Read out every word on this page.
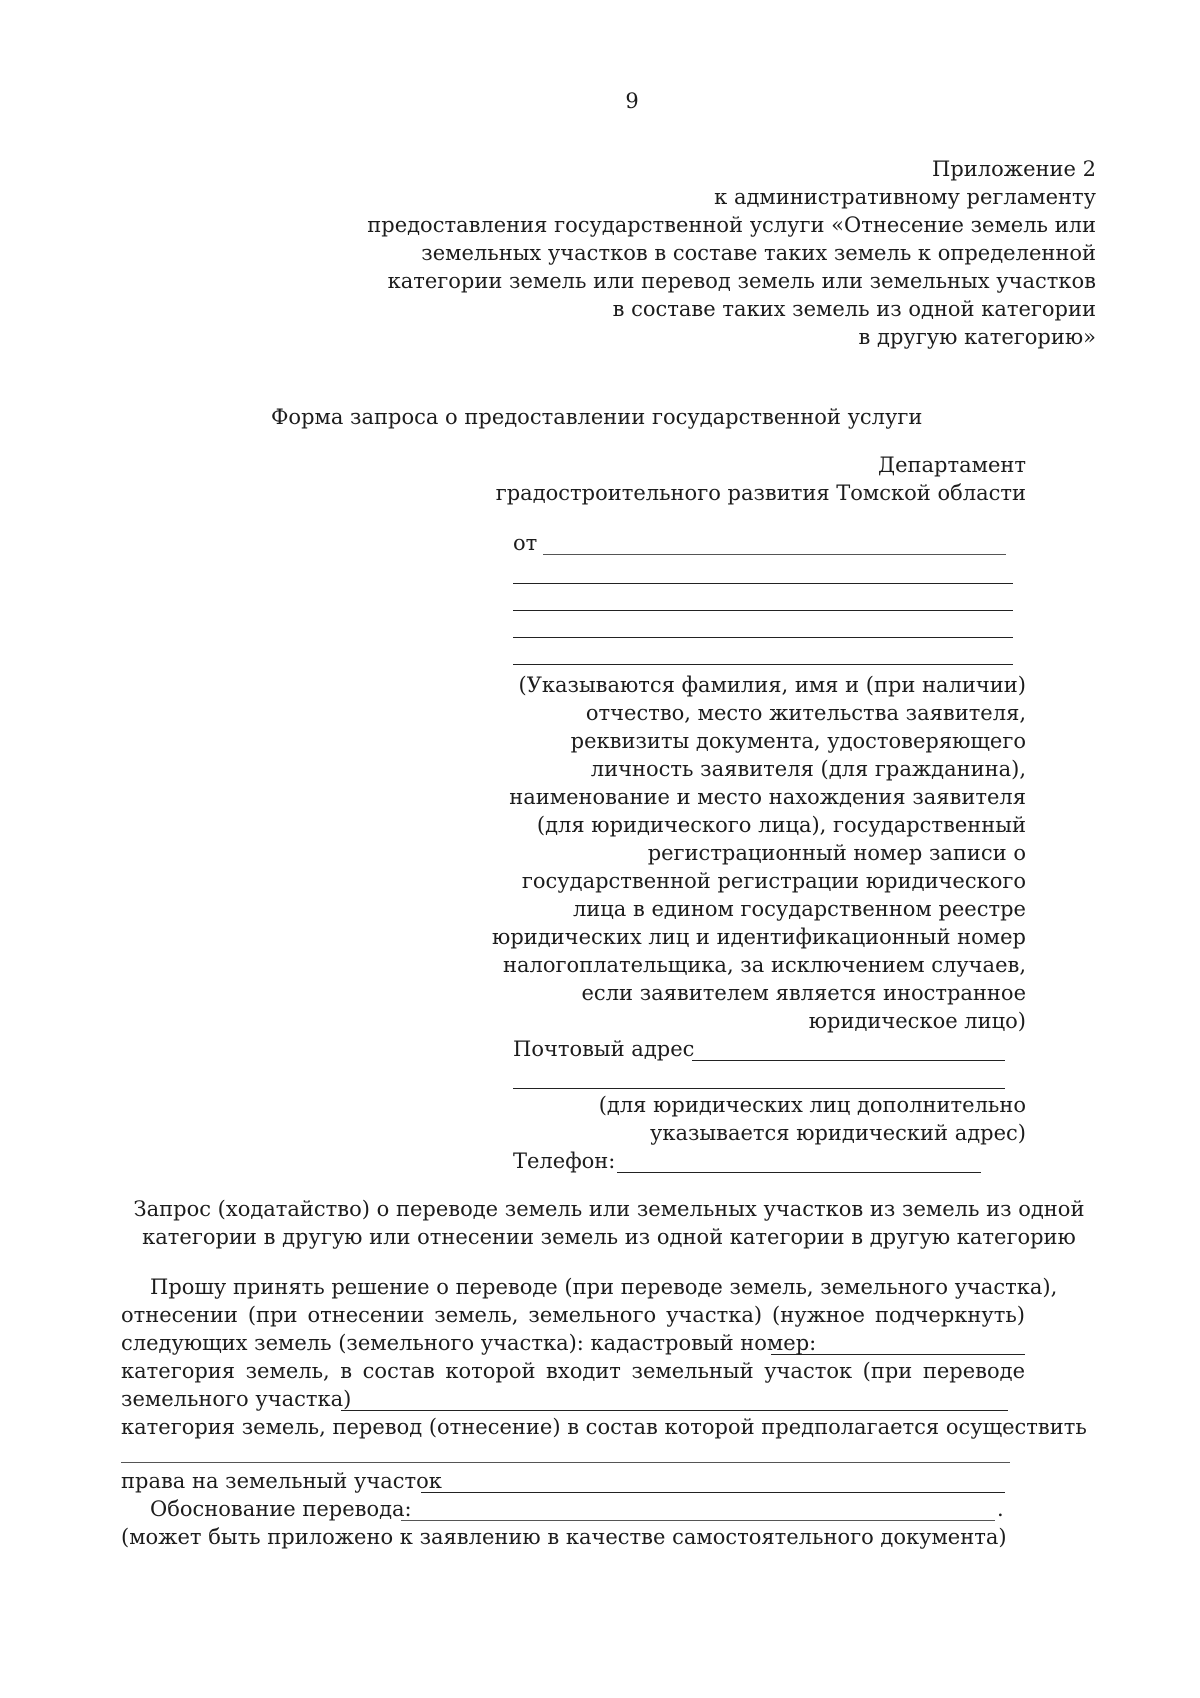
9
Приложение 2
к административному регламенту
предоставления государственной услуги «Отнесение земель или
земельных участков в составе таких земель к определенной
категории земель или перевод земель или земельных участков
в составе таких земель из одной категории
в другую категорию»
Форма запроса о предоставлении государственной услуги
Департамент
градостроительного развития Томской области
от
(Указываются фамилия, имя и (при наличии)
отчество, место жительства заявителя,
реквизиты документа, удостоверяющего
личность заявителя (для гражданина),
наименование и место нахождения заявителя
(для юридического лица), государственный
регистрационный номер записи о
государственной регистрации юридического
лица в едином государственном реестре
юридических лиц и идентификационный номер
налогоплательщика, за исключением случаев,
если заявителем является иностранное
юридическое лицо)
Почтовый адрес
(для юридических лиц дополнительно
указывается юридический адрес)
Телефон:
Запрос (ходатайство) о переводе земель или земельных участков из земель из одной
категории в другую или отнесении земель из одной категории в другую категорию
Прошу принять решение о переводе (при переводе земель, земельного участка),
отнесении (при отнесении земель, земельного участка) (нужное подчеркнуть)
следующих земель (земельного участка): кадастровый номер:
категория земель, в состав которой входит земельный участок (при переводе
земельного участка)
категория земель, перевод (отнесение) в состав которой предполагается осуществить
права на земельный участок
Обоснование перевода:	.
(может быть приложено к заявлению в качестве самостоятельного документа)
